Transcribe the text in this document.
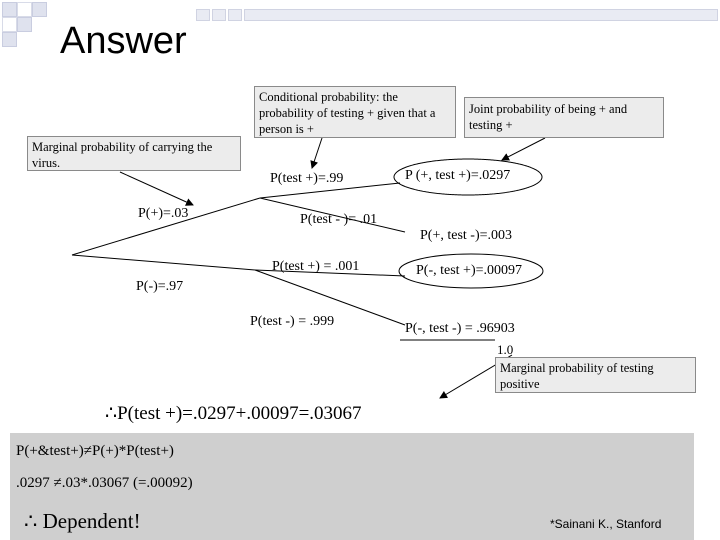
Answer
Marginal probability of carrying the virus.
Conditional probability: the probability of testing + given that a person is +
Joint probability of being + and testing +
Marginal probability of testing positive
P(+)=.03
P(-)=.97
P(test +)=.99
P(test - )= .01
P(test +) = .001
P(test -) = .999
P (+, test +)=.0297
P(+, test -)=.003
P(-, test +)=.00097
P(-, test -) = .96903
1.0
∴P(test +)=.0297+.00097=.03067
P(+&test+)≠P(+)*P(test+)
.0297 ≠.03*.03067 (=.00092)
∴ Dependent!	*Sainani K., Stanford
